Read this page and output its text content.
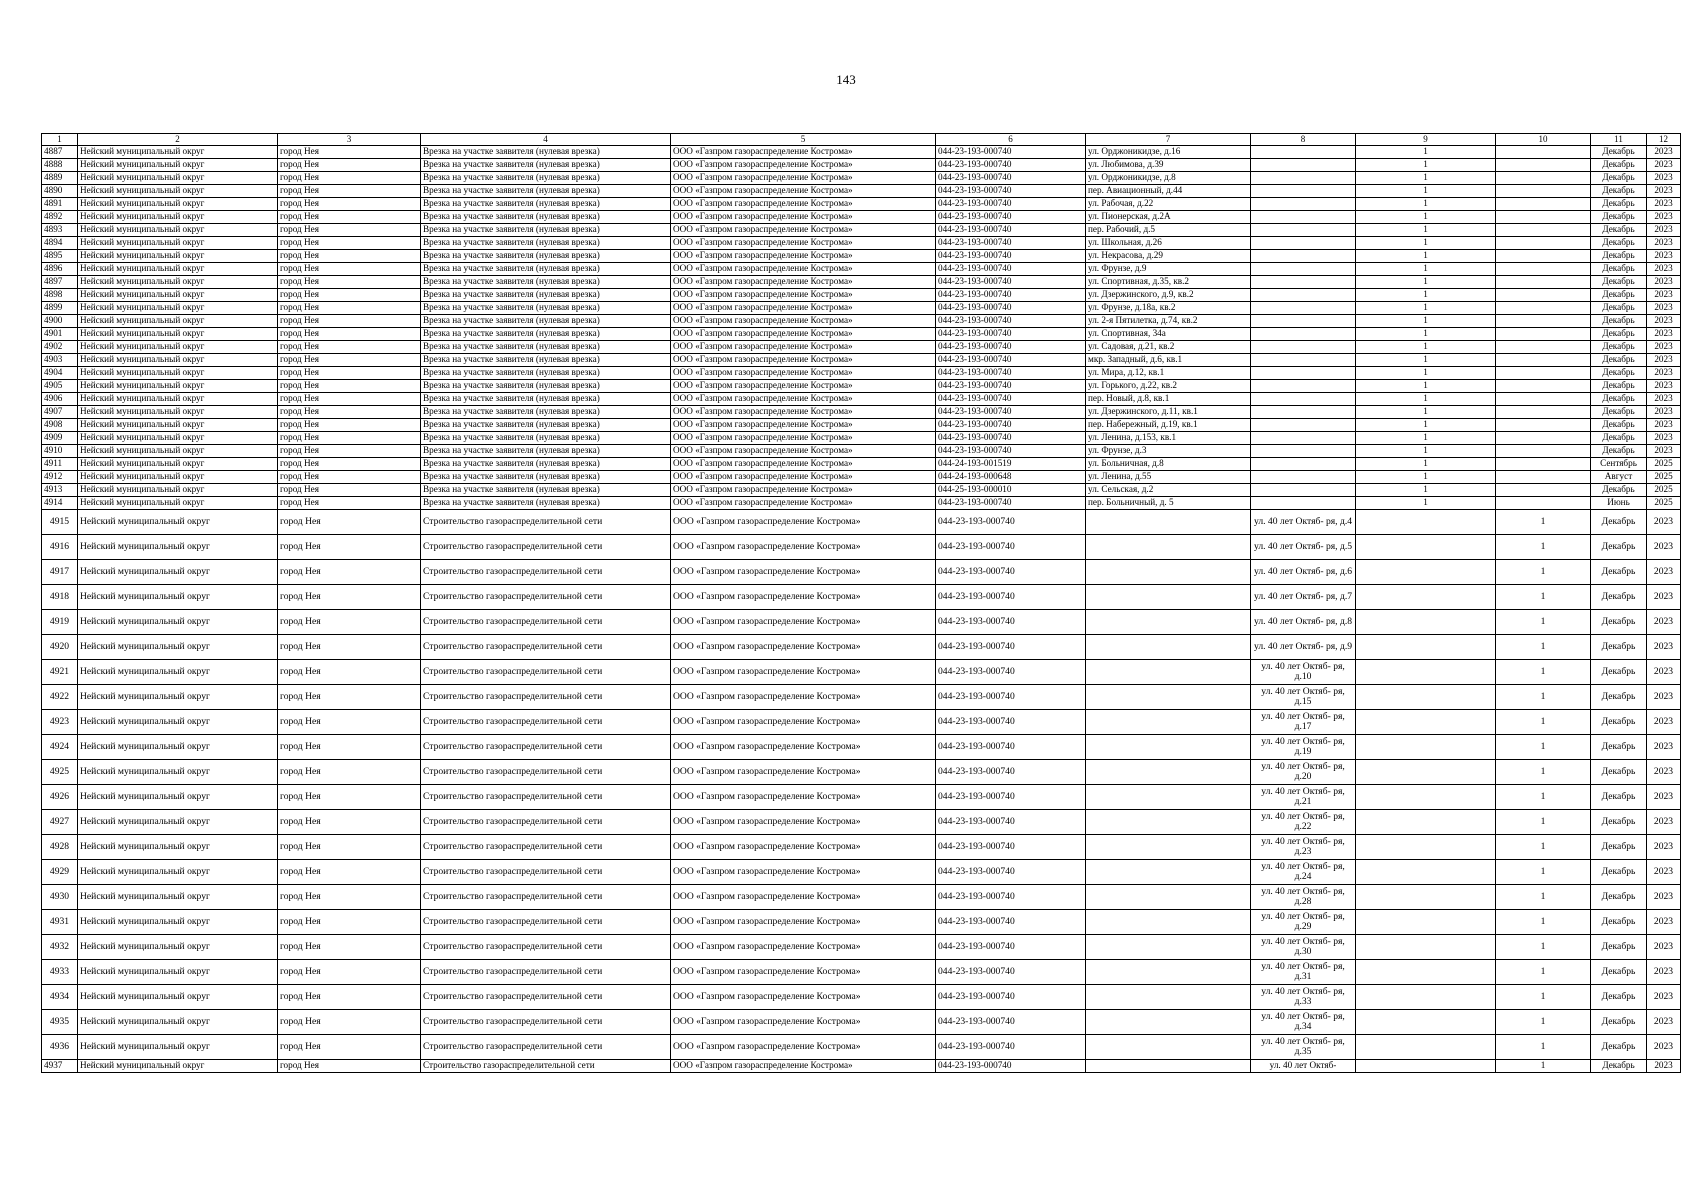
143
1	2	3	4	5	6	7	8	9	10	11	12
4887	Нейский муниципальный округ	город Нея	Врезка на участке заявителя (нулевая врезка)	ООО «Газпром газораспределение Кострома»	044-23-193-000740	ул. Орджоникидзе, д.16		1		Декабрь	2023
4888	Нейский муниципальный округ	город Нея	Врезка на участке заявителя (нулевая врезка)	ООО «Газпром газораспределение Кострома»	044-23-193-000740	ул. Любимова, д.39		1		Декабрь	2023
4889	Нейский муниципальный округ	город Нея	Врезка на участке заявителя (нулевая врезка)	ООО «Газпром газораспределение Кострома»	044-23-193-000740	ул. Орджоникидзе, д.8		1		Декабрь	2023
4890	Нейский муниципальный округ	город Нея	Врезка на участке заявителя (нулевая врезка)	ООО «Газпром газораспределение Кострома»	044-23-193-000740	пер. Авиационный, д.44		1		Декабрь	2023
4891	Нейский муниципальный округ	город Нея	Врезка на участке заявителя (нулевая врезка)	ООО «Газпром газораспределение Кострома»	044-23-193-000740	ул. Рабочая, д.22		1		Декабрь	2023
4892	Нейский муниципальный округ	город Нея	Врезка на участке заявителя (нулевая врезка)	ООО «Газпром газораспределение Кострома»	044-23-193-000740	ул. Пионерская, д.2А		1		Декабрь	2023
4893	Нейский муниципальный округ	город Нея	Врезка на участке заявителя (нулевая врезка)	ООО «Газпром газораспределение Кострома»	044-23-193-000740	пер. Рабочий, д.5		1		Декабрь	2023
4894	Нейский муниципальный округ	город Нея	Врезка на участке заявителя (нулевая врезка)	ООО «Газпром газораспределение Кострома»	044-23-193-000740	ул. Школьная, д.26		1		Декабрь	2023
4895	Нейский муниципальный округ	город Нея	Врезка на участке заявителя (нулевая врезка)	ООО «Газпром газораспределение Кострома»	044-23-193-000740	ул. Некрасова, д.29		1		Декабрь	2023
4896	Нейский муниципальный округ	город Нея	Врезка на участке заявителя (нулевая врезка)	ООО «Газпром газораспределение Кострома»	044-23-193-000740	ул. Фрунзе, д.9		1		Декабрь	2023
4897	Нейский муниципальный округ	город Нея	Врезка на участке заявителя (нулевая врезка)	ООО «Газпром газораспределение Кострома»	044-23-193-000740	ул. Спортивная, д.35, кв.2		1		Декабрь	2023
4898	Нейский муниципальный округ	город Нея	Врезка на участке заявителя (нулевая врезка)	ООО «Газпром газораспределение Кострома»	044-23-193-000740	ул. Дзержинского, д.9, кв.2		1		Декабрь	2023
4899	Нейский муниципальный округ	город Нея	Врезка на участке заявителя (нулевая врезка)	ООО «Газпром газораспределение Кострома»	044-23-193-000740	ул. Фрунзе, д.18а, кв.2		1		Декабрь	2023
4900	Нейский муниципальный округ	город Нея	Врезка на участке заявителя (нулевая врезка)	ООО «Газпром газораспределение Кострома»	044-23-193-000740	ул. 2-я Пятилетка, д.74, кв.2		1		Декабрь	2023
4901	Нейский муниципальный округ	город Нея	Врезка на участке заявителя (нулевая врезка)	ООО «Газпром газораспределение Кострома»	044-23-193-000740	ул. Спортивная, 34а		1		Декабрь	2023
4902	Нейский муниципальный округ	город Нея	Врезка на участке заявителя (нулевая врезка)	ООО «Газпром газораспределение Кострома»	044-23-193-000740	ул. Садовая, д.21, кв.2		1		Декабрь	2023
4903	Нейский муниципальный округ	город Нея	Врезка на участке заявителя (нулевая врезка)	ООО «Газпром газораспределение Кострома»	044-23-193-000740	мкр. Западный, д.6, кв.1		1		Декабрь	2023
4904	Нейский муниципальный округ	город Нея	Врезка на участке заявителя (нулевая врезка)	ООО «Газпром газораспределение Кострома»	044-23-193-000740	ул. Мира, д.12, кв.1		1		Декабрь	2023
4905	Нейский муниципальный округ	город Нея	Врезка на участке заявителя (нулевая врезка)	ООО «Газпром газораспределение Кострома»	044-23-193-000740	ул. Горького, д.22, кв.2		1		Декабрь	2023
4906	Нейский муниципальный округ	город Нея	Врезка на участке заявителя (нулевая врезка)	ООО «Газпром газораспределение Кострома»	044-23-193-000740	пер. Новый, д.8, кв.1		1		Декабрь	2023
4907	Нейский муниципальный округ	город Нея	Врезка на участке заявителя (нулевая врезка)	ООО «Газпром газораспределение Кострома»	044-23-193-000740	ул. Дзержинского, д.11, кв.1		1		Декабрь	2023
4908	Нейский муниципальный округ	город Нея	Врезка на участке заявителя (нулевая врезка)	ООО «Газпром газораспределение Кострома»	044-23-193-000740	пер. Набережный, д.19, кв.1		1		Декабрь	2023
4909	Нейский муниципальный округ	город Нея	Врезка на участке заявителя (нулевая врезка)	ООО «Газпром газораспределение Кострома»	044-23-193-000740	ул. Ленина, д.153, кв.1		1		Декабрь	2023
4910	Нейский муниципальный округ	город Нея	Врезка на участке заявителя (нулевая врезка)	ООО «Газпром газораспределение Кострома»	044-23-193-000740	ул. Фрунзе, д.3		1		Декабрь	2023
4911	Нейский муниципальный округ	город Нея	Врезка на участке заявителя (нулевая врезка)	ООО «Газпром газораспределение Кострома»	044-24-193-001519	ул. Больничная, д.8		1		Сентябрь	2025
4912	Нейский муниципальный округ	город Нея	Врезка на участке заявителя (нулевая врезка)	ООО «Газпром газораспределение Кострома»	044-24-193-000648	ул. Ленина, д.55		1		Август	2025
4913	Нейский муниципальный округ	город Нея	Врезка на участке заявителя (нулевая врезка)	ООО «Газпром газораспределение Кострома»	044-25-193-000010	ул. Сельская, д.2		1		Декабрь	2025
4914	Нейский муниципальный округ	город Нея	Врезка на участке заявителя (нулевая врезка)	ООО «Газпром газораспределение Кострома»	044-23-193-000740	пер. Больничный, д. 5		1		Июнь	2025
4915	Нейский муниципальный округ	город Нея	Строительство газораспределительной сети	ООО «Газпром газораспределение Кострома»	044-23-193-000740		ул. 40 лет Октяб- ря, д.4		1	Декабрь	2023
4916	Нейский муниципальный округ	город Нея	Строительство газораспределительной сети	ООО «Газпром газораспределение Кострома»	044-23-193-000740		ул. 40 лет Октяб- ря, д.5		1	Декабрь	2023
4917	Нейский муниципальный округ	город Нея	Строительство газораспределительной сети	ООО «Газпром газораспределение Кострома»	044-23-193-000740		ул. 40 лет Октяб- ря, д.6		1	Декабрь	2023
4918	Нейский муниципальный округ	город Нея	Строительство газораспределительной сети	ООО «Газпром газораспределение Кострома»	044-23-193-000740		ул. 40 лет Октяб- ря, д.7		1	Декабрь	2023
4919	Нейский муниципальный округ	город Нея	Строительство газораспределительной сети	ООО «Газпром газораспределение Кострома»	044-23-193-000740		ул. 40 лет Октяб- ря, д.8		1	Декабрь	2023
4920	Нейский муниципальный округ	город Нея	Строительство газораспределительной сети	ООО «Газпром газораспределение Кострома»	044-23-193-000740		ул. 40 лет Октяб- ря, д.9		1	Декабрь	2023
4921	Нейский муниципальный округ	город Нея	Строительство газораспределительной сети	ООО «Газпром газораспределение Кострома»	044-23-193-000740		ул. 40 лет Октяб- ря, д.10		1	Декабрь	2023
4922	Нейский муниципальный округ	город Нея	Строительство газораспределительной сети	ООО «Газпром газораспределение Кострома»	044-23-193-000740		ул. 40 лет Октяб- ря, д.15		1	Декабрь	2023
4923	Нейский муниципальный округ	город Нея	Строительство газораспределительной сети	ООО «Газпром газораспределение Кострома»	044-23-193-000740		ул. 40 лет Октяб- ря, д.17		1	Декабрь	2023
4924	Нейский муниципальный округ	город Нея	Строительство газораспределительной сети	ООО «Газпром газораспределение Кострома»	044-23-193-000740		ул. 40 лет Октяб- ря, д.19		1	Декабрь	2023
4925	Нейский муниципальный округ	город Нея	Строительство газораспределительной сети	ООО «Газпром газораспределение Кострома»	044-23-193-000740		ул. 40 лет Октяб- ря, д.20		1	Декабрь	2023
4926	Нейский муниципальный округ	город Нея	Строительство газораспределительной сети	ООО «Газпром газораспределение Кострома»	044-23-193-000740		ул. 40 лет Октяб- ря, д.21		1	Декабрь	2023
4927	Нейский муниципальный округ	город Нея	Строительство газораспределительной сети	ООО «Газпром газораспределение Кострома»	044-23-193-000740		ул. 40 лет Октяб- ря, д.22		1	Декабрь	2023
4928	Нейский муниципальный округ	город Нея	Строительство газораспределительной сети	ООО «Газпром газораспределение Кострома»	044-23-193-000740		ул. 40 лет Октяб- ря, д.23		1	Декабрь	2023
4929	Нейский муниципальный округ	город Нея	Строительство газораспределительной сети	ООО «Газпром газораспределение Кострома»	044-23-193-000740		ул. 40 лет Октяб- ря, д.24		1	Декабрь	2023
4930	Нейский муниципальный округ	город Нея	Строительство газораспределительной сети	ООО «Газпром газораспределение Кострома»	044-23-193-000740		ул. 40 лет Октяб- ря, д.28		1	Декабрь	2023
4931	Нейский муниципальный округ	город Нея	Строительство газораспределительной сети	ООО «Газпром газораспределение Кострома»	044-23-193-000740		ул. 40 лет Октяб- ря, д.29		1	Декабрь	2023
4932	Нейский муниципальный округ	город Нея	Строительство газораспределительной сети	ООО «Газпром газораспределение Кострома»	044-23-193-000740		ул. 40 лет Октяб- ря, д.30		1	Декабрь	2023
4933	Нейский муниципальный округ	город Нея	Строительство газораспределительной сети	ООО «Газпром газораспределение Кострома»	044-23-193-000740		ул. 40 лет Октяб- ря, д.31		1	Декабрь	2023
4934	Нейский муниципальный округ	город Нея	Строительство газораспределительной сети	ООО «Газпром газораспределение Кострома»	044-23-193-000740		ул. 40 лет Октяб- ря, д.33		1	Декабрь	2023
4935	Нейский муниципальный округ	город Нея	Строительство газораспределительной сети	ООО «Газпром газораспределение Кострома»	044-23-193-000740		ул. 40 лет Октяб- ря, д.34		1	Декабрь	2023
4936	Нейский муниципальный округ	город Нея	Строительство газораспределительной сети	ООО «Газпром газораспределение Кострома»	044-23-193-000740		ул. 40 лет Октяб- ря, д.35		1	Декабрь	2023
4937	Нейский муниципальный округ	город Нея	Строительство газораспределительной сети	ООО «Газпром газораспределение Кострома»	044-23-193-000740		ул. 40 лет Октяб-		1	Декабрь	2023
